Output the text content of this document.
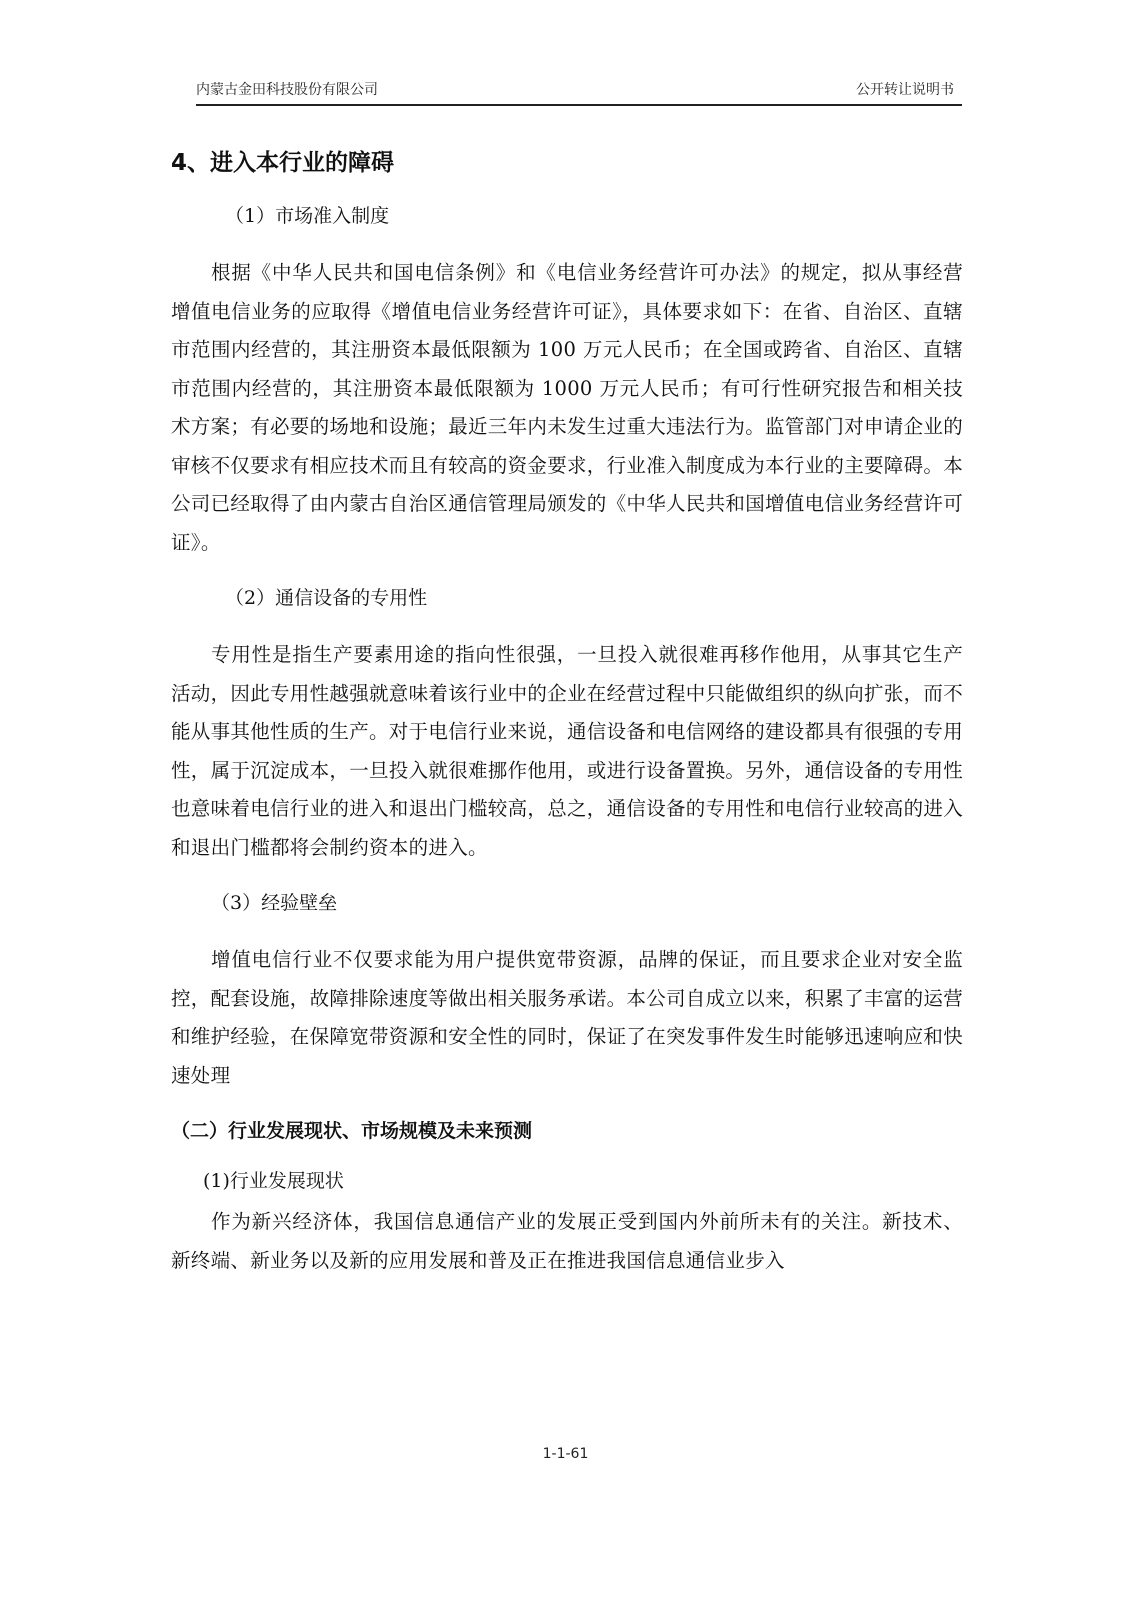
内蒙古金田科技股份有限公司	公开转让说明书
4、进入本行业的障碍
（1）市场准入制度

根据《中华人民共和国电信条例》和《电信业务经营许可办法》的规定，拟从事经营增值电信业务的应取得《增值电信业务经营许可证》，具体要求如下：在省、自治区、直辖市范围内经营的，其注册资本最低限额为 100 万元人民币；在全国或跨省、自治区、直辖市范围内经营的，其注册资本最低限额为 1000 万元人民币；有可行性研究报告和相关技术方案；有必要的场地和设施；最近三年内未发生过重大违法行为。监管部门对申请企业的审核不仅要求有相应技术而且有较高的资金要求，行业准入制度成为本行业的主要障碍。本公司已经取得了由内蒙古自治区通信管理局颁发的《中华人民共和国增值电信业务经营许可证》。

（2）通信设备的专用性

专用性是指生产要素用途的指向性很强，一旦投入就很难再移作他用，从事其它生产活动，因此专用性越强就意味着该行业中的企业在经营过程中只能做组织的纵向扩张，而不能从事其他性质的生产。对于电信行业来说，通信设备和电信网络的建设都具有很强的专用性，属于沉淀成本，一旦投入就很难挪作他用，或进行设备置换。另外，通信设备的专用性也意味着电信行业的进入和退出门槛较高，总之，通信设备的专用性和电信行业较高的进入和退出门槛都将会制约资本的进入。

（3）经验壁垒

增值电信行业不仅要求能为用户提供宽带资源，品牌的保证，而且要求企业对安全监控，配套设施，故障排除速度等做出相关服务承诺。本公司自成立以来，积累了丰富的运营和维护经验，在保障宽带资源和安全性的同时，保证了在突发事件发生时能够迅速响应和快速处理

（二）行业发展现状、市场规模及未来预测
(1)行业发展现状

作为新兴经济体，我国信息通信产业的发展正受到国内外前所未有的关注。新技术、新终端、新业务以及新的应用发展和普及正在推进我国信息通信业步入

1-1-61
